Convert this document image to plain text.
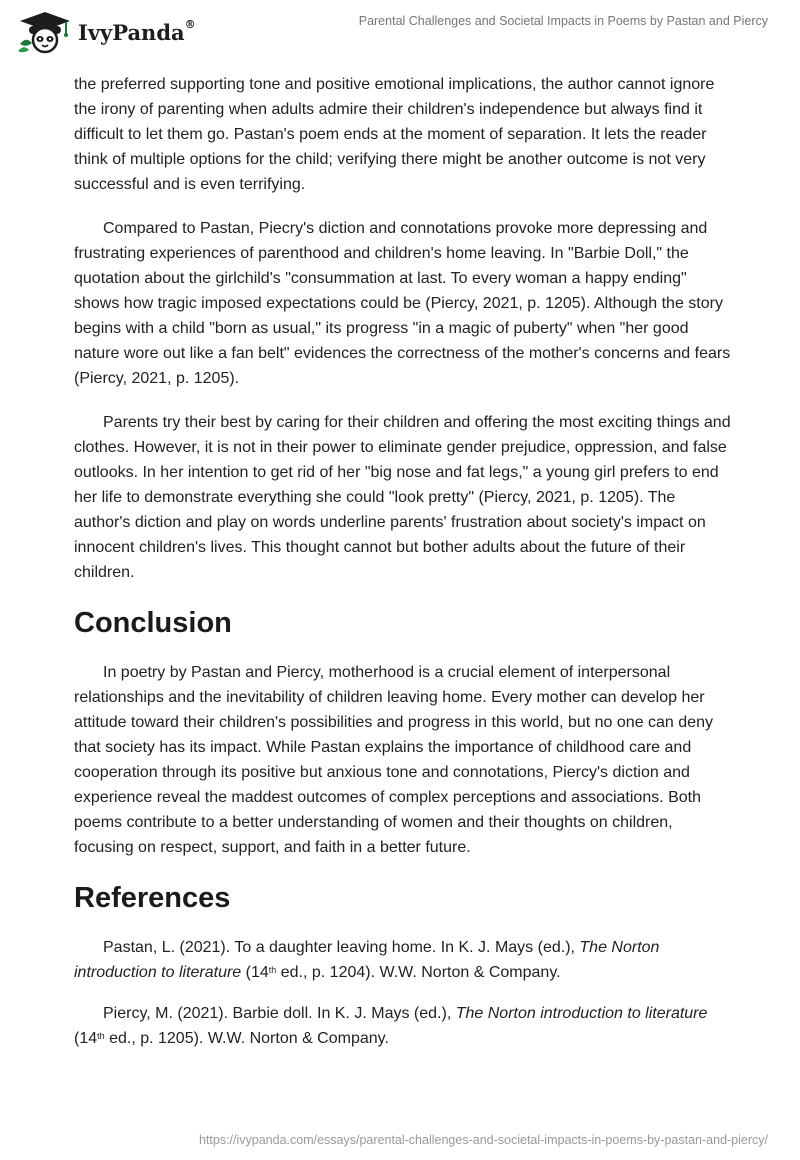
IvyPanda®	Parental Challenges and Societal Impacts in Poems by Pastan and Piercy

the preferred supporting tone and positive emotional implications, the author cannot ignore the irony of parenting when adults admire their children's independence but always find it difficult to let them go. Pastan's poem ends at the moment of separation. It lets the reader think of multiple options for the child; verifying there might be another outcome is not very successful and is even terrifying.

Compared to Pastan, Piecry's diction and connotations provoke more depressing and frustrating experiences of parenthood and children's home leaving. In "Barbie Doll," the quotation about the girlchild's "consummation at last. To every woman a happy ending" shows how tragic imposed expectations could be (Piercy, 2021, p. 1205). Although the story begins with a child "born as usual," its progress "in a magic of puberty" when "her good nature wore out like a fan belt" evidences the correctness of the mother's concerns and fears (Piercy, 2021, p. 1205).

Parents try their best by caring for their children and offering the most exciting things and clothes. However, it is not in their power to eliminate gender prejudice, oppression, and false outlooks. In her intention to get rid of her "big nose and fat legs," a young girl prefers to end her life to demonstrate everything she could "look pretty" (Piercy, 2021, p. 1205). The author's diction and play on words underline parents' frustration about society's impact on innocent children's lives. This thought cannot but bother adults about the future of their children.

Conclusion

In poetry by Pastan and Piercy, motherhood is a crucial element of interpersonal relationships and the inevitability of children leaving home. Every mother can develop her attitude toward their children's possibilities and progress in this world, but no one can deny that society has its impact. While Pastan explains the importance of childhood care and cooperation through its positive but anxious tone and connotations, Piercy's diction and experience reveal the maddest outcomes of complex perceptions and associations. Both poems contribute to a better understanding of women and their thoughts on children, focusing on respect, support, and faith in a better future.

References

Pastan, L. (2021). To a daughter leaving home. In K. J. Mays (ed.), The Norton introduction to literature (14th ed., p. 1204). W.W. Norton & Company.

Piercy, M. (2021). Barbie doll. In K. J. Mays (ed.), The Norton introduction to literature (14th ed., p. 1205). W.W. Norton & Company.

https://ivypanda.com/essays/parental-challenges-and-societal-impacts-in-poems-by-pastan-and-piercy/
